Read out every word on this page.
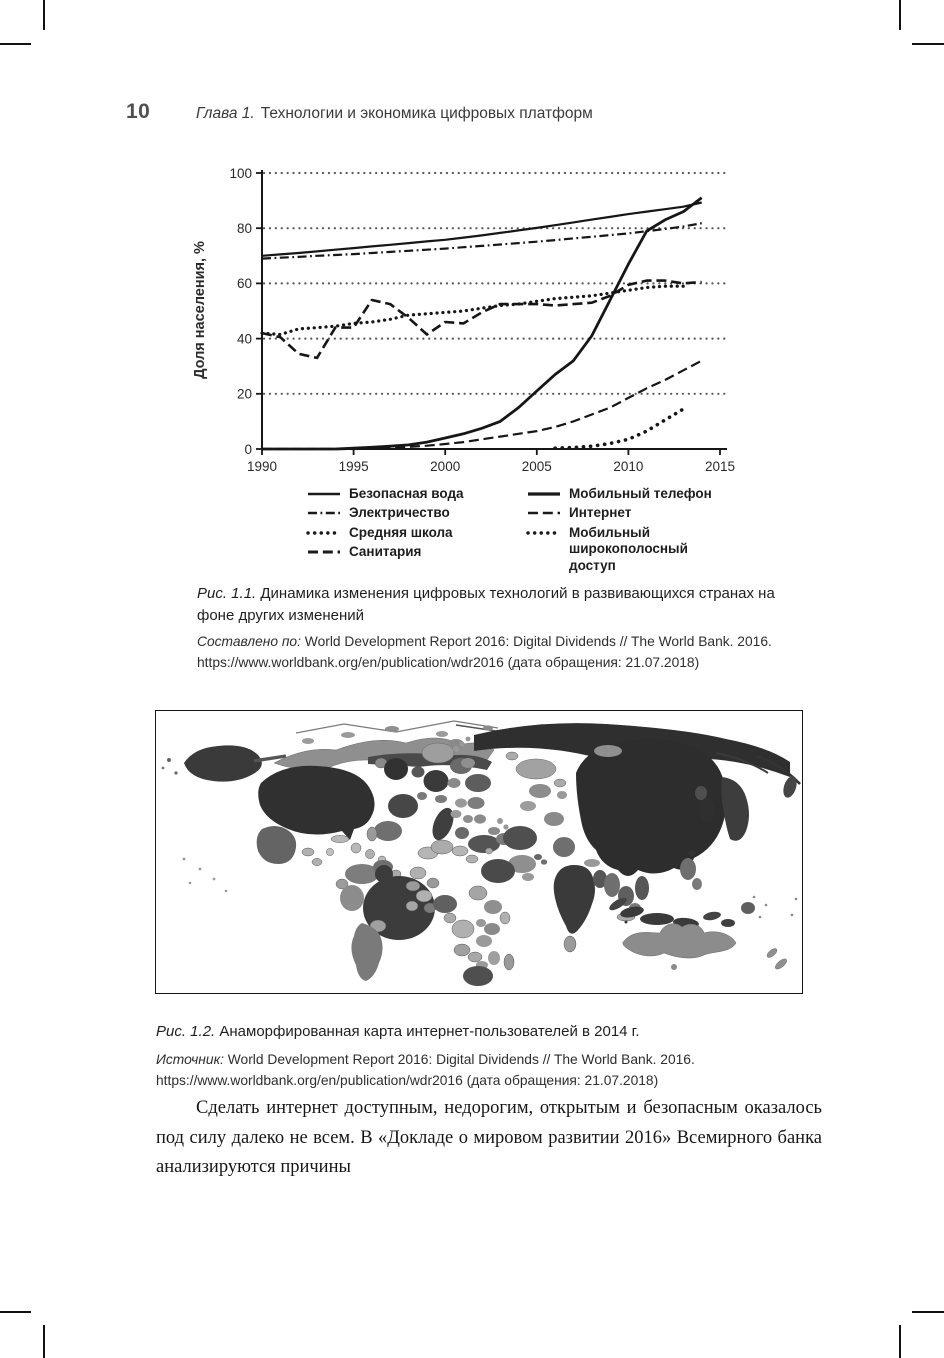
10	Глава 1. Технологии и экономика цифровых платформ
0
20
40
60
80
100
1990	1995	2000	2005	2010	2015
Доля населения, %
Безопасная вода
Электричество
Средняя школа
Санитария
Мобильный телефон
Интернет
Мобильный широкополосный доступ

Рис. 1.1. Динамика изменения цифровых технологий в развивающихся странах на фоне других изменений

Составлено по: World Development Report 2016: Digital Dividends // The World Bank. 2016. https://www.worldbank.org/en/publication/wdr2016 (дата обращения: 21.07.2018)

Рис. 1.2. Анаморфированная карта интернет-пользователей в 2014 г.

Источник: World Development Report 2016: Digital Dividends // The World Bank. 2016. https://www.worldbank.org/en/publication/wdr2016 (дата обращения: 21.07.2018)

Сделать интернет доступным, недорогим, открытым и безопасным оказалось под силу далеко не всем. В «Докладе о мировом развитии 2016» Всемирного банка анализируются причины
